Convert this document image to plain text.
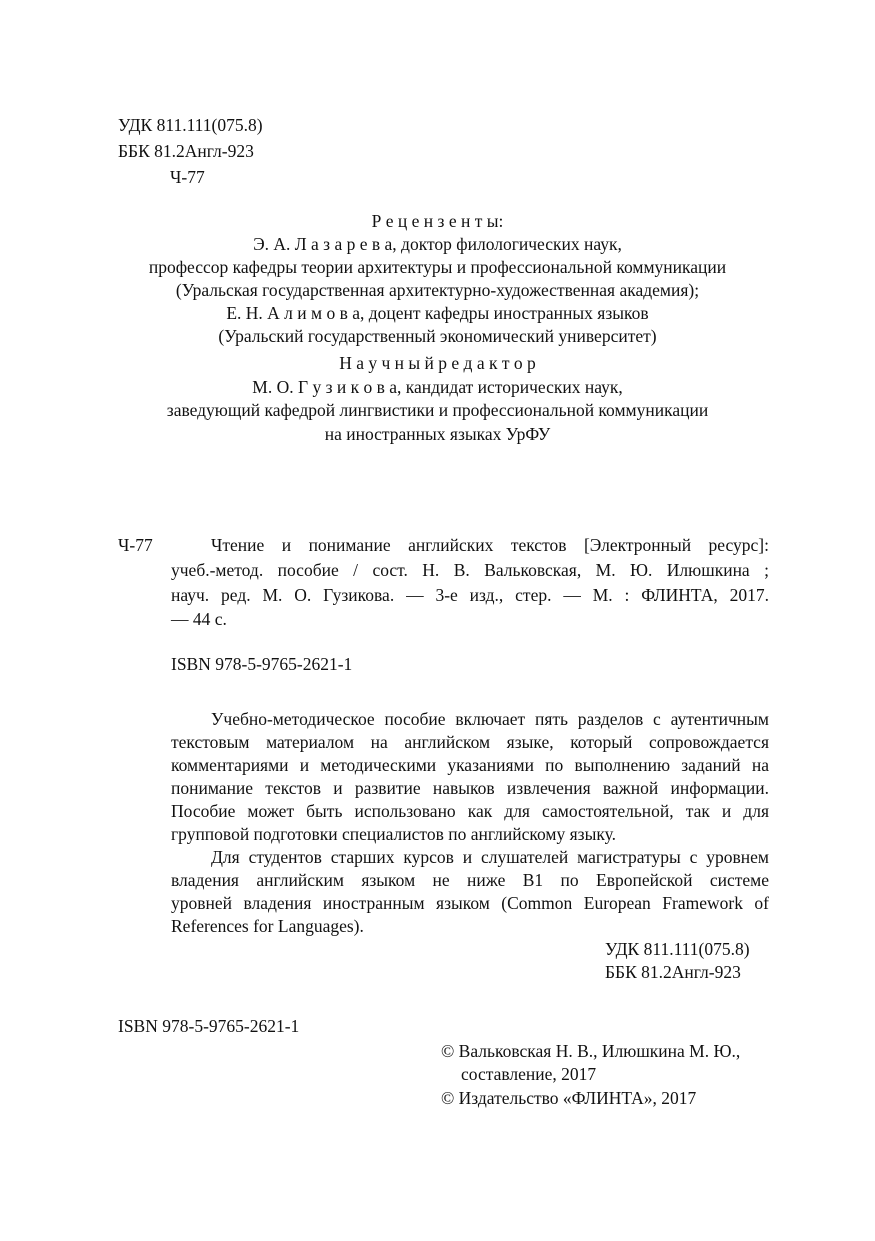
УДК 811.111(075.8)
ББК 81.2Англ-923
Ч-77
Р е ц е н з е н т ы:
Э. А. Л а з а р е в а, доктор филологических наук,
профессор кафедры теории архитектуры и профессиональной коммуникации
(Уральская государственная архитектурно-художественная академия);
Е. Н. А л и м о в а, доцент кафедры иностранных языков
(Уральский государственный экономический университет)
Н а у ч н ы й р е д а к т о р
М. О. Г у з и к о в а, кандидат исторических наук,
заведующий кафедрой лингвистики и профессиональной коммуникации
на иностранных языках УрФУ
Ч-77	Чтение и понимание английских текстов [Электронный ресурс]:
учеб.-метод. пособие / сост. Н. В. Вальковская, М. Ю. Илюшкина ;
науч. ред. М. О. Гузикова. — 3-е изд., стер. — М. : ФЛИНТА, 2017.
— 44 с.
ISBN 978-5-9765-2621-1
Учебно-методическое пособие включает пять разделов с аутентичным
текстовым материалом на английском языке, который сопровождается
комментариями и методическими указаниями по выполнению заданий на
понимание текстов и развитие навыков извлечения важной информации.
Пособие может быть использовано как для самостоятельной, так и для
групповой подготовки специалистов по английскому языку.
Для студентов старших курсов и слушателей магистратуры с уровнем
владения английским языком не ниже B1 по Европейской системе
уровней владения иностранным языком (Common European Framework of
References for Languages).
УДК 811.111(075.8)
ББК 81.2Англ-923
ISBN 978-5-9765-2621-1
© Вальковская Н. В., Илюшкина М. Ю.,
составление, 2017
© Издательство «ФЛИНТА», 2017
